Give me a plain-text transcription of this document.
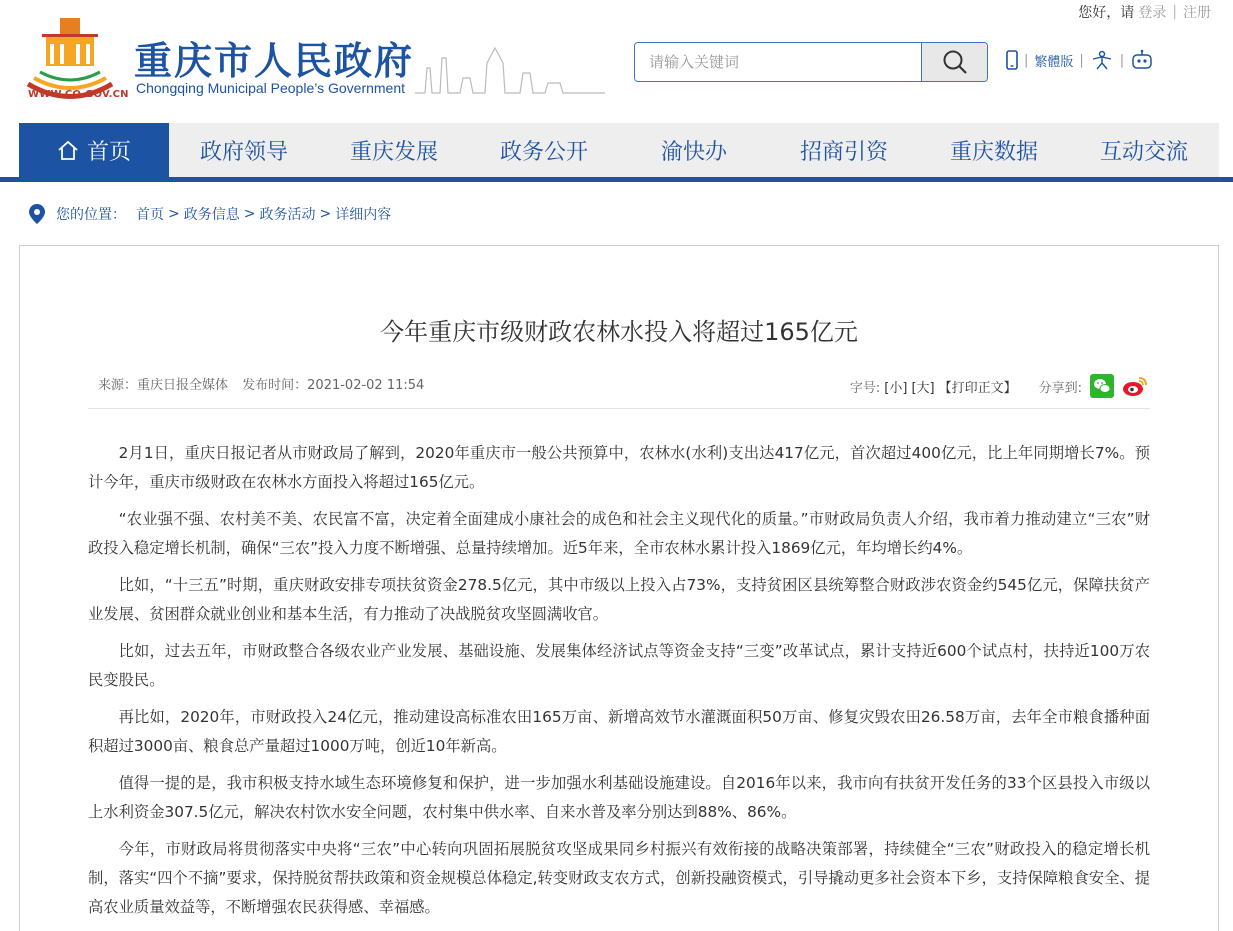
您好，请 登录 | 注册
WWW.CQ.GOV.CN
重庆市人民政府
Chongqing Municipal People’s Government
请输入关键词
| 繁體版 |	|
首页	政府领导	重庆发展	政务公开	渝快办	招商引资	重庆数据	互动交流
您的位置： 首页 > 政务信息 > 政务活动 > 详细内容
今年重庆市级财政农林水投入将超过165亿元
来源：重庆日报全媒体 发布时间：2021-02-02 11:54	字号: [小] [大] 【打印正文】 分享到:

2月1日，重庆日报记者从市财政局了解到，2020年重庆市一般公共预算中，农林水(水利)支出达417亿元，首次超过400亿元，比上年同期增长7%。预计今年，重庆市级财政在农林水方面投入将超过165亿元。

“农业强不强、农村美不美、农民富不富，决定着全面建成小康社会的成色和社会主义现代化的质量。”市财政局负责人介绍，我市着力推动建立“三农”财政投入稳定增长机制，确保“三农”投入力度不断增强、总量持续增加。近5年来，全市农林水累计投入1869亿元，年均增长约4%。

比如，“十三五”时期，重庆财政安排专项扶贫资金278.5亿元，其中市级以上投入占73%，支持贫困区县统筹整合财政涉农资金约545亿元，保障扶贫产业发展、贫困群众就业创业和基本生活，有力推动了决战脱贫攻坚圆满收官。

比如，过去五年，市财政整合各级农业产业发展、基础设施、发展集体经济试点等资金支持“三变”改革试点，累计支持近600个试点村，扶持近100万农民变股民。

再比如，2020年，市财政投入24亿元，推动建设高标准农田165万亩、新增高效节水灌溉面积50万亩、修复灾毁农田26.58万亩，去年全市粮食播种面积超过3000亩、粮食总产量超过1000万吨，创近10年新高。

值得一提的是，我市积极支持水域生态环境修复和保护，进一步加强水利基础设施建设。自2016年以来，我市向有扶贫开发任务的33个区县投入市级以上水利资金307.5亿元，解决农村饮水安全问题，农村集中供水率、自来水普及率分别达到88%、86%。

今年，市财政局将贯彻落实中央将“三农”中心转向巩固拓展脱贫攻坚成果同乡村振兴有效衔接的战略决策部署，持续健全“三农”财政投入的稳定增长机制，落实“四个不摘”要求，保持脱贫帮扶政策和资金规模总体稳定,转变财政支农方式，创新投融资模式，引导撬动更多社会资本下乡，支持保障粮食安全、提高农业质量效益等，不断增强农民获得感、幸福感。
